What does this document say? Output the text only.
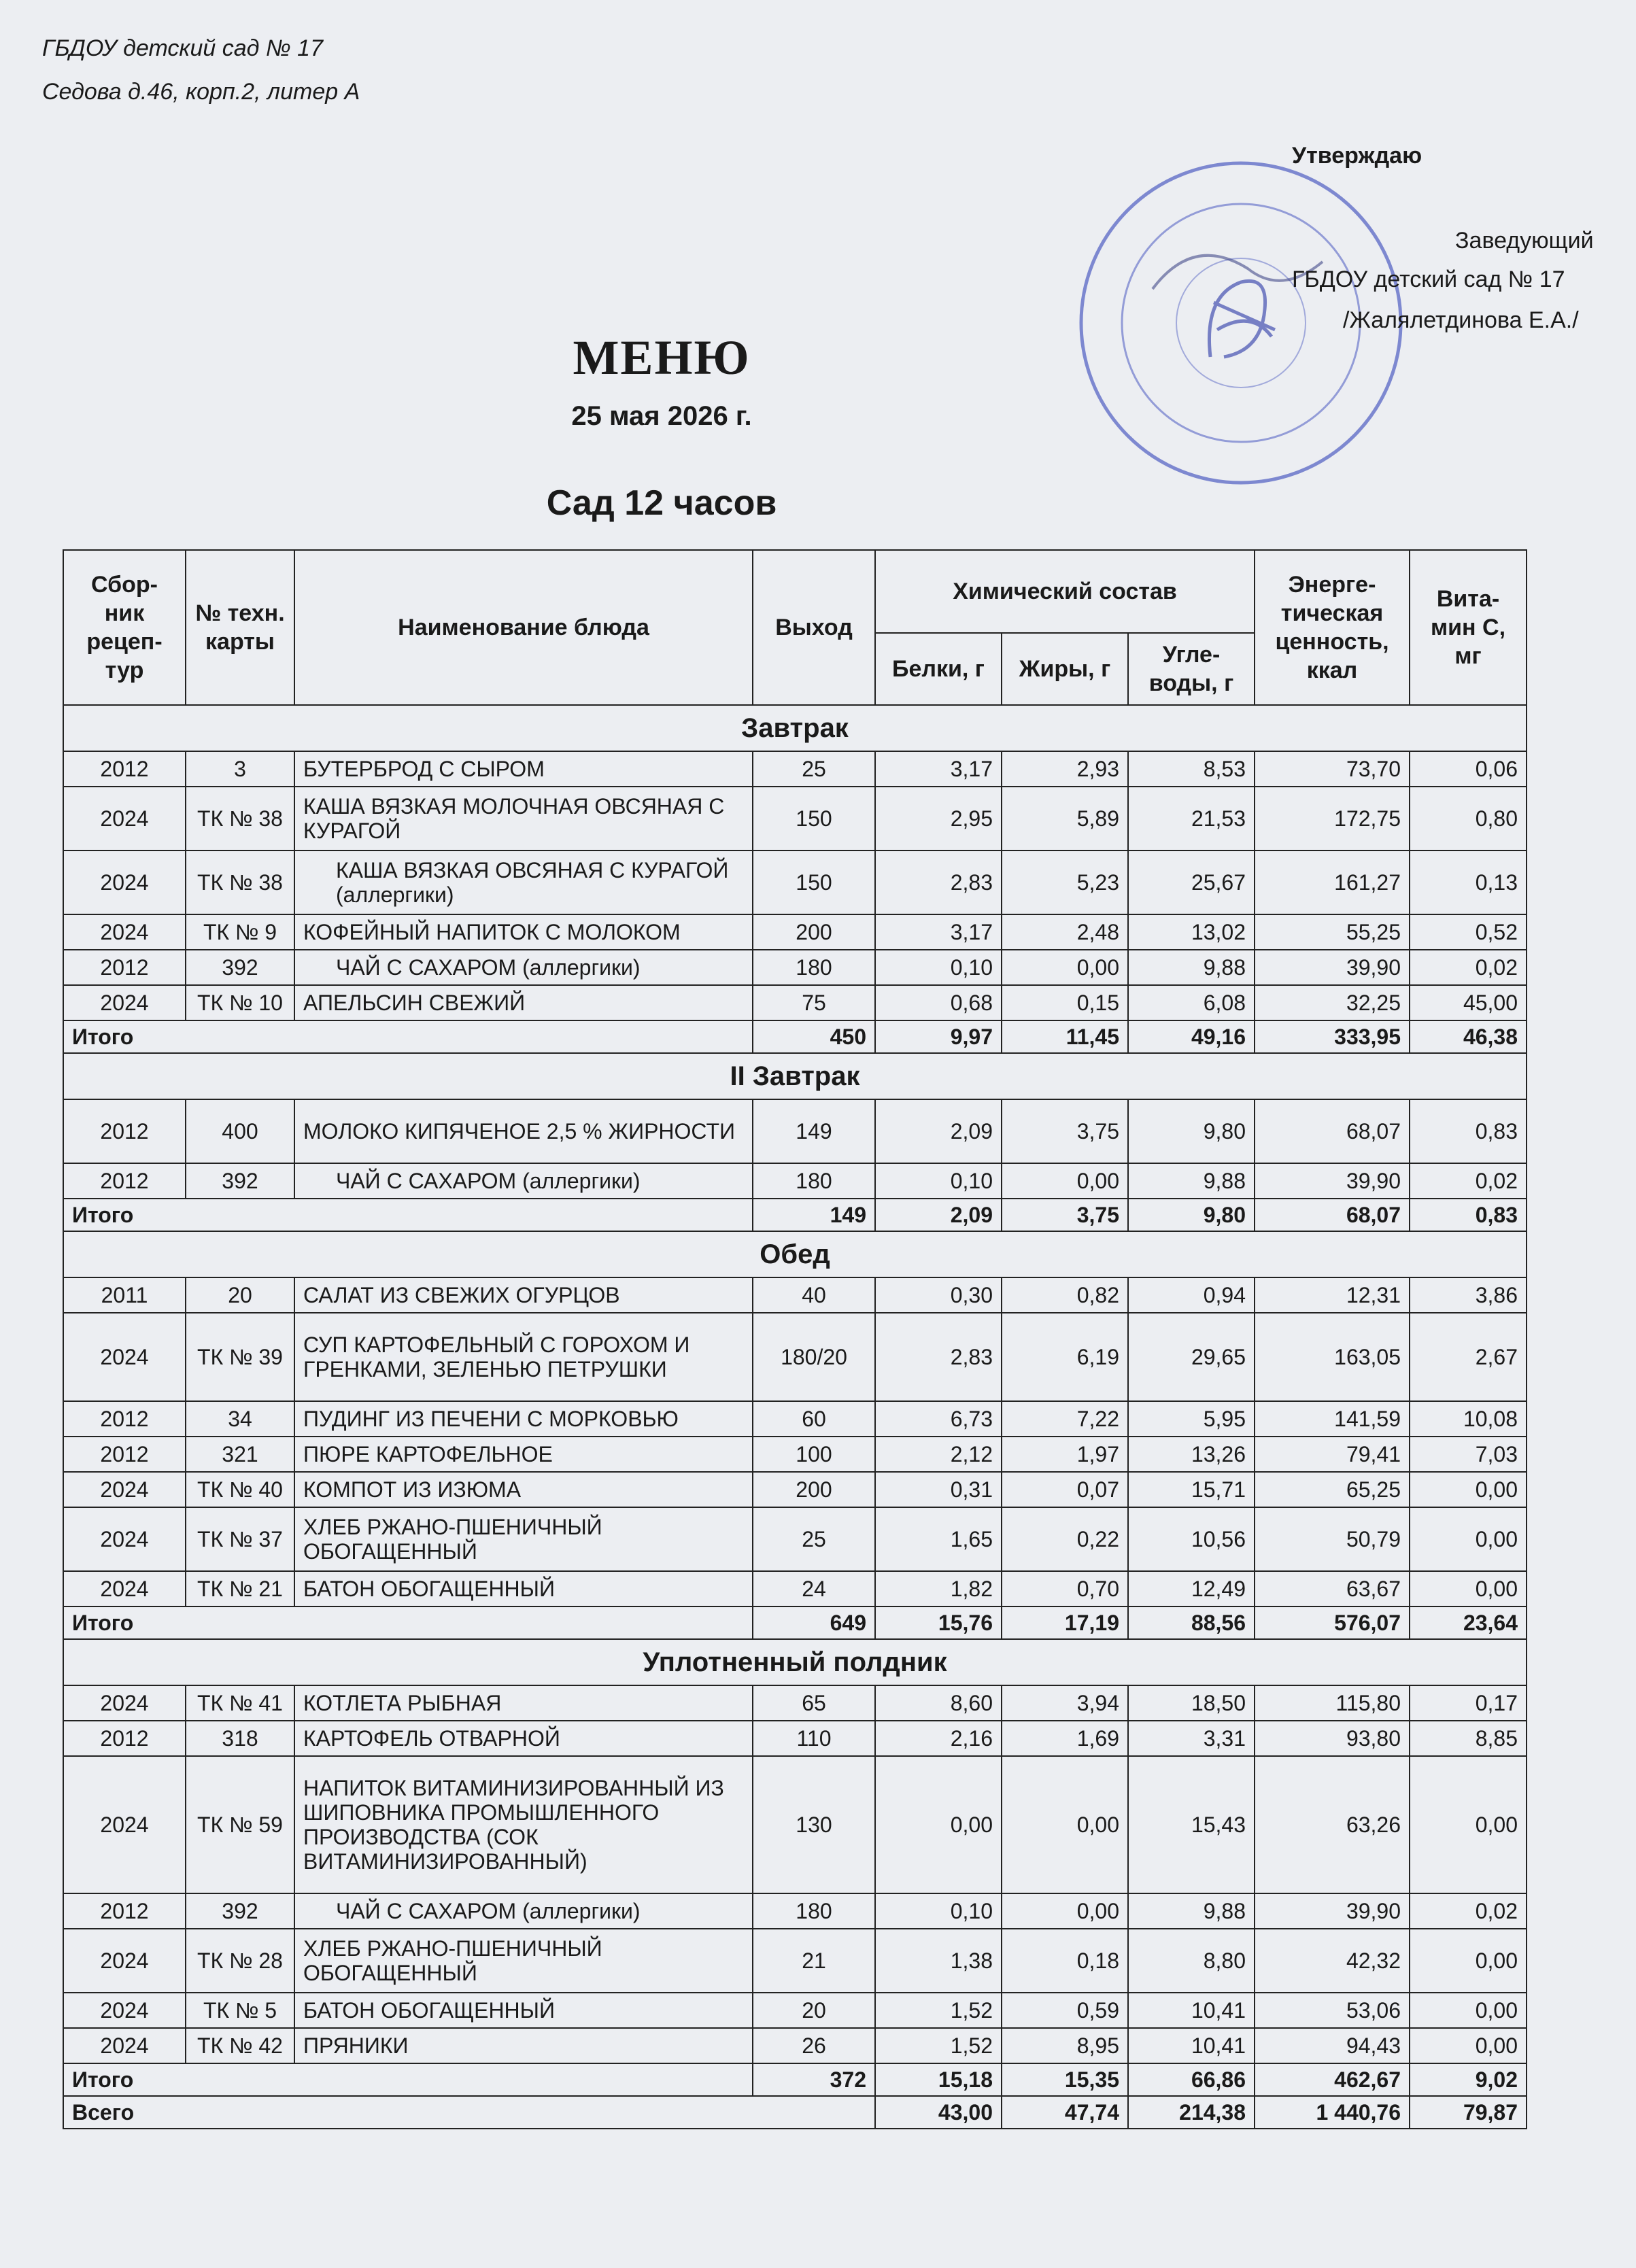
ГБДОУ детский сад № 17
Седова д.46, корп.2, литер А
Утверждаю
Заведующий
ГБДОУ детский сад № 17
/Жалялетдинова Е.А./
МЕНЮ
25 мая 2026 г.
Сад 12 часов
Сбор-ник рецеп-тур	№ техн. карты	Наименование блюда	Выход	Химический состав			Энерге-тическая ценность, ккал	Вита-мин С, мг
				Белки, г	Жиры, г	Угле-воды, г		
Завтрак								
2012	3	БУТЕРБРОД С СЫРОМ	25	3,17	2,93	8,53	73,70	0,06
2024	ТК № 38	КАША ВЯЗКАЯ МОЛОЧНАЯ ОВСЯНАЯ С КУРАГОЙ	150	2,95	5,89	21,53	172,75	0,80
2024	ТК № 38	КАША ВЯЗКАЯ ОВСЯНАЯ С КУРАГОЙ (аллергики)	150	2,83	5,23	25,67	161,27	0,13
2024	ТК № 9	КОФЕЙНЫЙ НАПИТОК С МОЛОКОМ	200	3,17	2,48	13,02	55,25	0,52
2012	392	ЧАЙ С САХАРОМ (аллергики)	180	0,10	0,00	9,88	39,90	0,02
2024	ТК № 10	АПЕЛЬСИН СВЕЖИЙ	75	0,68	0,15	6,08	32,25	45,00
Итого			450	9,97	11,45	49,16	333,95	46,38
II Завтрак								
2012	400	МОЛОКО КИПЯЧЕНОЕ 2,5 % ЖИРНОСТИ	149	2,09	3,75	9,80	68,07	0,83
2012	392	ЧАЙ С САХАРОМ (аллергики)	180	0,10	0,00	9,88	39,90	0,02
Итого			149	2,09	3,75	9,80	68,07	0,83
Обед								
2011	20	САЛАТ ИЗ СВЕЖИХ ОГУРЦОВ	40	0,30	0,82	0,94	12,31	3,86
2024	ТК № 39	СУП КАРТОФЕЛЬНЫЙ С ГОРОХОМ И ГРЕНКАМИ, ЗЕЛЕНЬЮ ПЕТРУШКИ	180/20	2,83	6,19	29,65	163,05	2,67
2012	34	ПУДИНГ ИЗ ПЕЧЕНИ С МОРКОВЬЮ	60	6,73	7,22	5,95	141,59	10,08
2012	321	ПЮРЕ КАРТОФЕЛЬНОЕ	100	2,12	1,97	13,26	79,41	7,03
2024	ТК № 40	КОМПОТ ИЗ ИЗЮМА	200	0,31	0,07	15,71	65,25	0,00
2024	ТК № 37	ХЛЕБ РЖАНО-ПШЕНИЧНЫЙ ОБОГАЩЕННЫЙ	25	1,65	0,22	10,56	50,79	0,00
2024	ТК № 21	БАТОН ОБОГАЩЕННЫЙ	24	1,82	0,70	12,49	63,67	0,00
Итого			649	15,76	17,19	88,56	576,07	23,64
Уплотненный полдник								
2024	ТК № 41	КОТЛЕТА РЫБНАЯ	65	8,60	3,94	18,50	115,80	0,17
2012	318	КАРТОФЕЛЬ ОТВАРНОЙ	110	2,16	1,69	3,31	93,80	8,85
2024	ТК № 59	НАПИТОК ВИТАМИНИЗИРОВАННЫЙ ИЗ ШИПОВНИКА ПРОМЫШЛЕННОГО ПРОИЗВОДСТВА (СОК ВИТАМИНИЗИРОВАННЫЙ)	130	0,00	0,00	15,43	63,26	0,00
2012	392	ЧАЙ С САХАРОМ (аллергики)	180	0,10	0,00	9,88	39,90	0,02
2024	ТК № 28	ХЛЕБ РЖАНО-ПШЕНИЧНЫЙ ОБОГАЩЕННЫЙ	21	1,38	0,18	8,80	42,32	0,00
2024	ТК № 5	БАТОН ОБОГАЩЕННЫЙ	20	1,52	0,59	10,41	53,06	0,00
2024	ТК № 42	ПРЯНИКИ	26	1,52	8,95	10,41	94,43	0,00
Итого			372	15,18	15,35	66,86	462,67	9,02
Всего				43,00	47,74	214,38	1 440,76	79,87
